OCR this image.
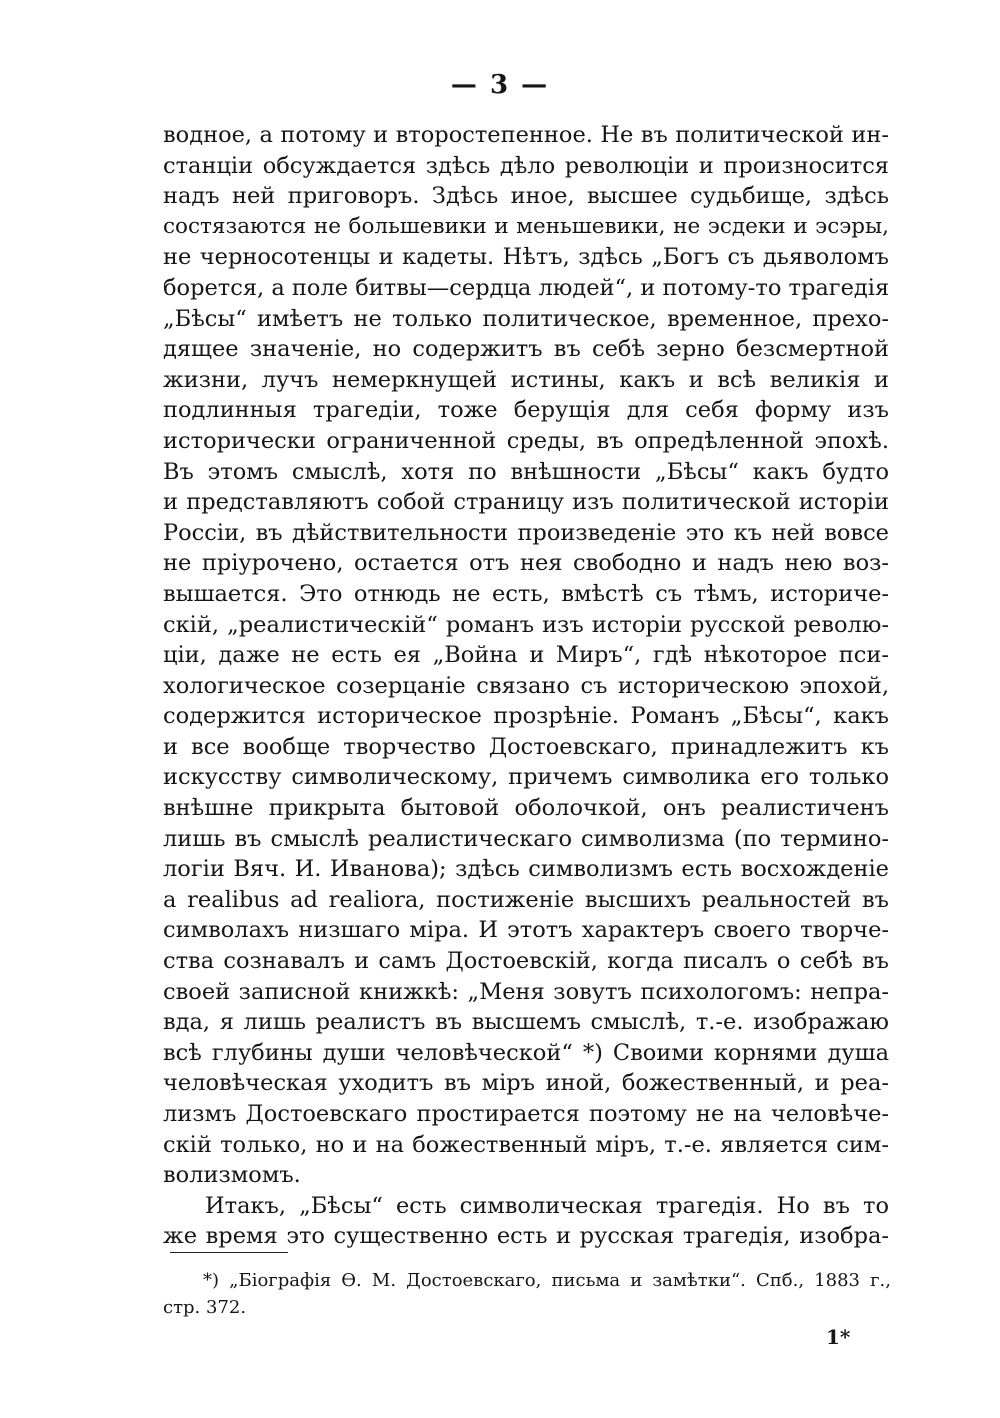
— 3 —
водное, а потому и второстепенное. Не въ политической ин-
станціи обсуждается здѣсь дѣло революціи и произносится
надъ ней приговоръ. Здѣсь иное, высшее судьбище, здѣсь
состязаются не большевики и меньшевики, не эсдеки и эсэры,
не черносотенцы и кадеты. Нѣтъ, здѣсь „Богъ съ дьяволомъ
борется, а поле битвы—сердца людей“, и потому-то трагедія
„Бѣсы“ имѣетъ не только политическое, временное, прехо-
дящее значеніе, но содержитъ въ себѣ зерно безсмертной
жизни, лучъ немеркнущей истины, какъ и всѣ великія и
подлинныя трагедіи, тоже берущія для себя форму изъ
исторически ограниченной среды, въ опредѣленной эпохѣ.
Въ этомъ смыслѣ, хотя по внѣшности „Бѣсы“ какъ будто
и представляютъ собой страницу изъ политической исторіи
Россіи, въ дѣйствительности произведеніе это къ ней вовсе
не пріурочено, остается отъ нея свободно и надъ нею воз-
вышается. Это отнюдь не есть, вмѣстѣ съ тѣмъ, историче-
скій, „реалистическій“ романъ изъ исторіи русской револю-
ціи, даже не есть ея „Война и Миръ“, гдѣ нѣкоторое пси-
хологическое созерцаніе связано съ историческою эпохой,
содержится историческое прозрѣніе. Романъ „Бѣсы“, какъ
и все вообще творчество Достоевскаго, принадлежитъ къ
искусству символическому, причемъ символика его только
внѣшне прикрыта бытовой оболочкой, онъ реалистиченъ
лишь въ смыслѣ реалистическаго символизма (по термино-
логіи Вяч. И. Иванова); здѣсь символизмъ есть восхожденіе
a realibus ad realiora, постиженіе высшихъ реальностей въ
символахъ низшаго міра. И этотъ характеръ своего творче-
ства сознавалъ и самъ Достоевскій, когда писалъ о себѣ въ
своей записной книжкѣ: „Меня зовутъ психологомъ: непра-
вда, я лишь реалистъ въ высшемъ смыслѣ, т.-е. изображаю
всѣ глубины души человѣческой“ *) Своими корнями душа
человѣческая уходитъ въ міръ иной, божественный, и реа-
лизмъ Достоевскаго простирается поэтому не на человѣче-
скій только, но и на божественный міръ, т.-е. является сим-
волизмомъ.
Итакъ, „Бѣсы“ есть символическая трагедія. Но въ то
же время это существенно есть и русская трагедія, изобра-
*) „Біографія Ѳ. М. Достоевскаго, письма и замѣтки“. Спб., 1883 г.,
стр. 372.
1*
